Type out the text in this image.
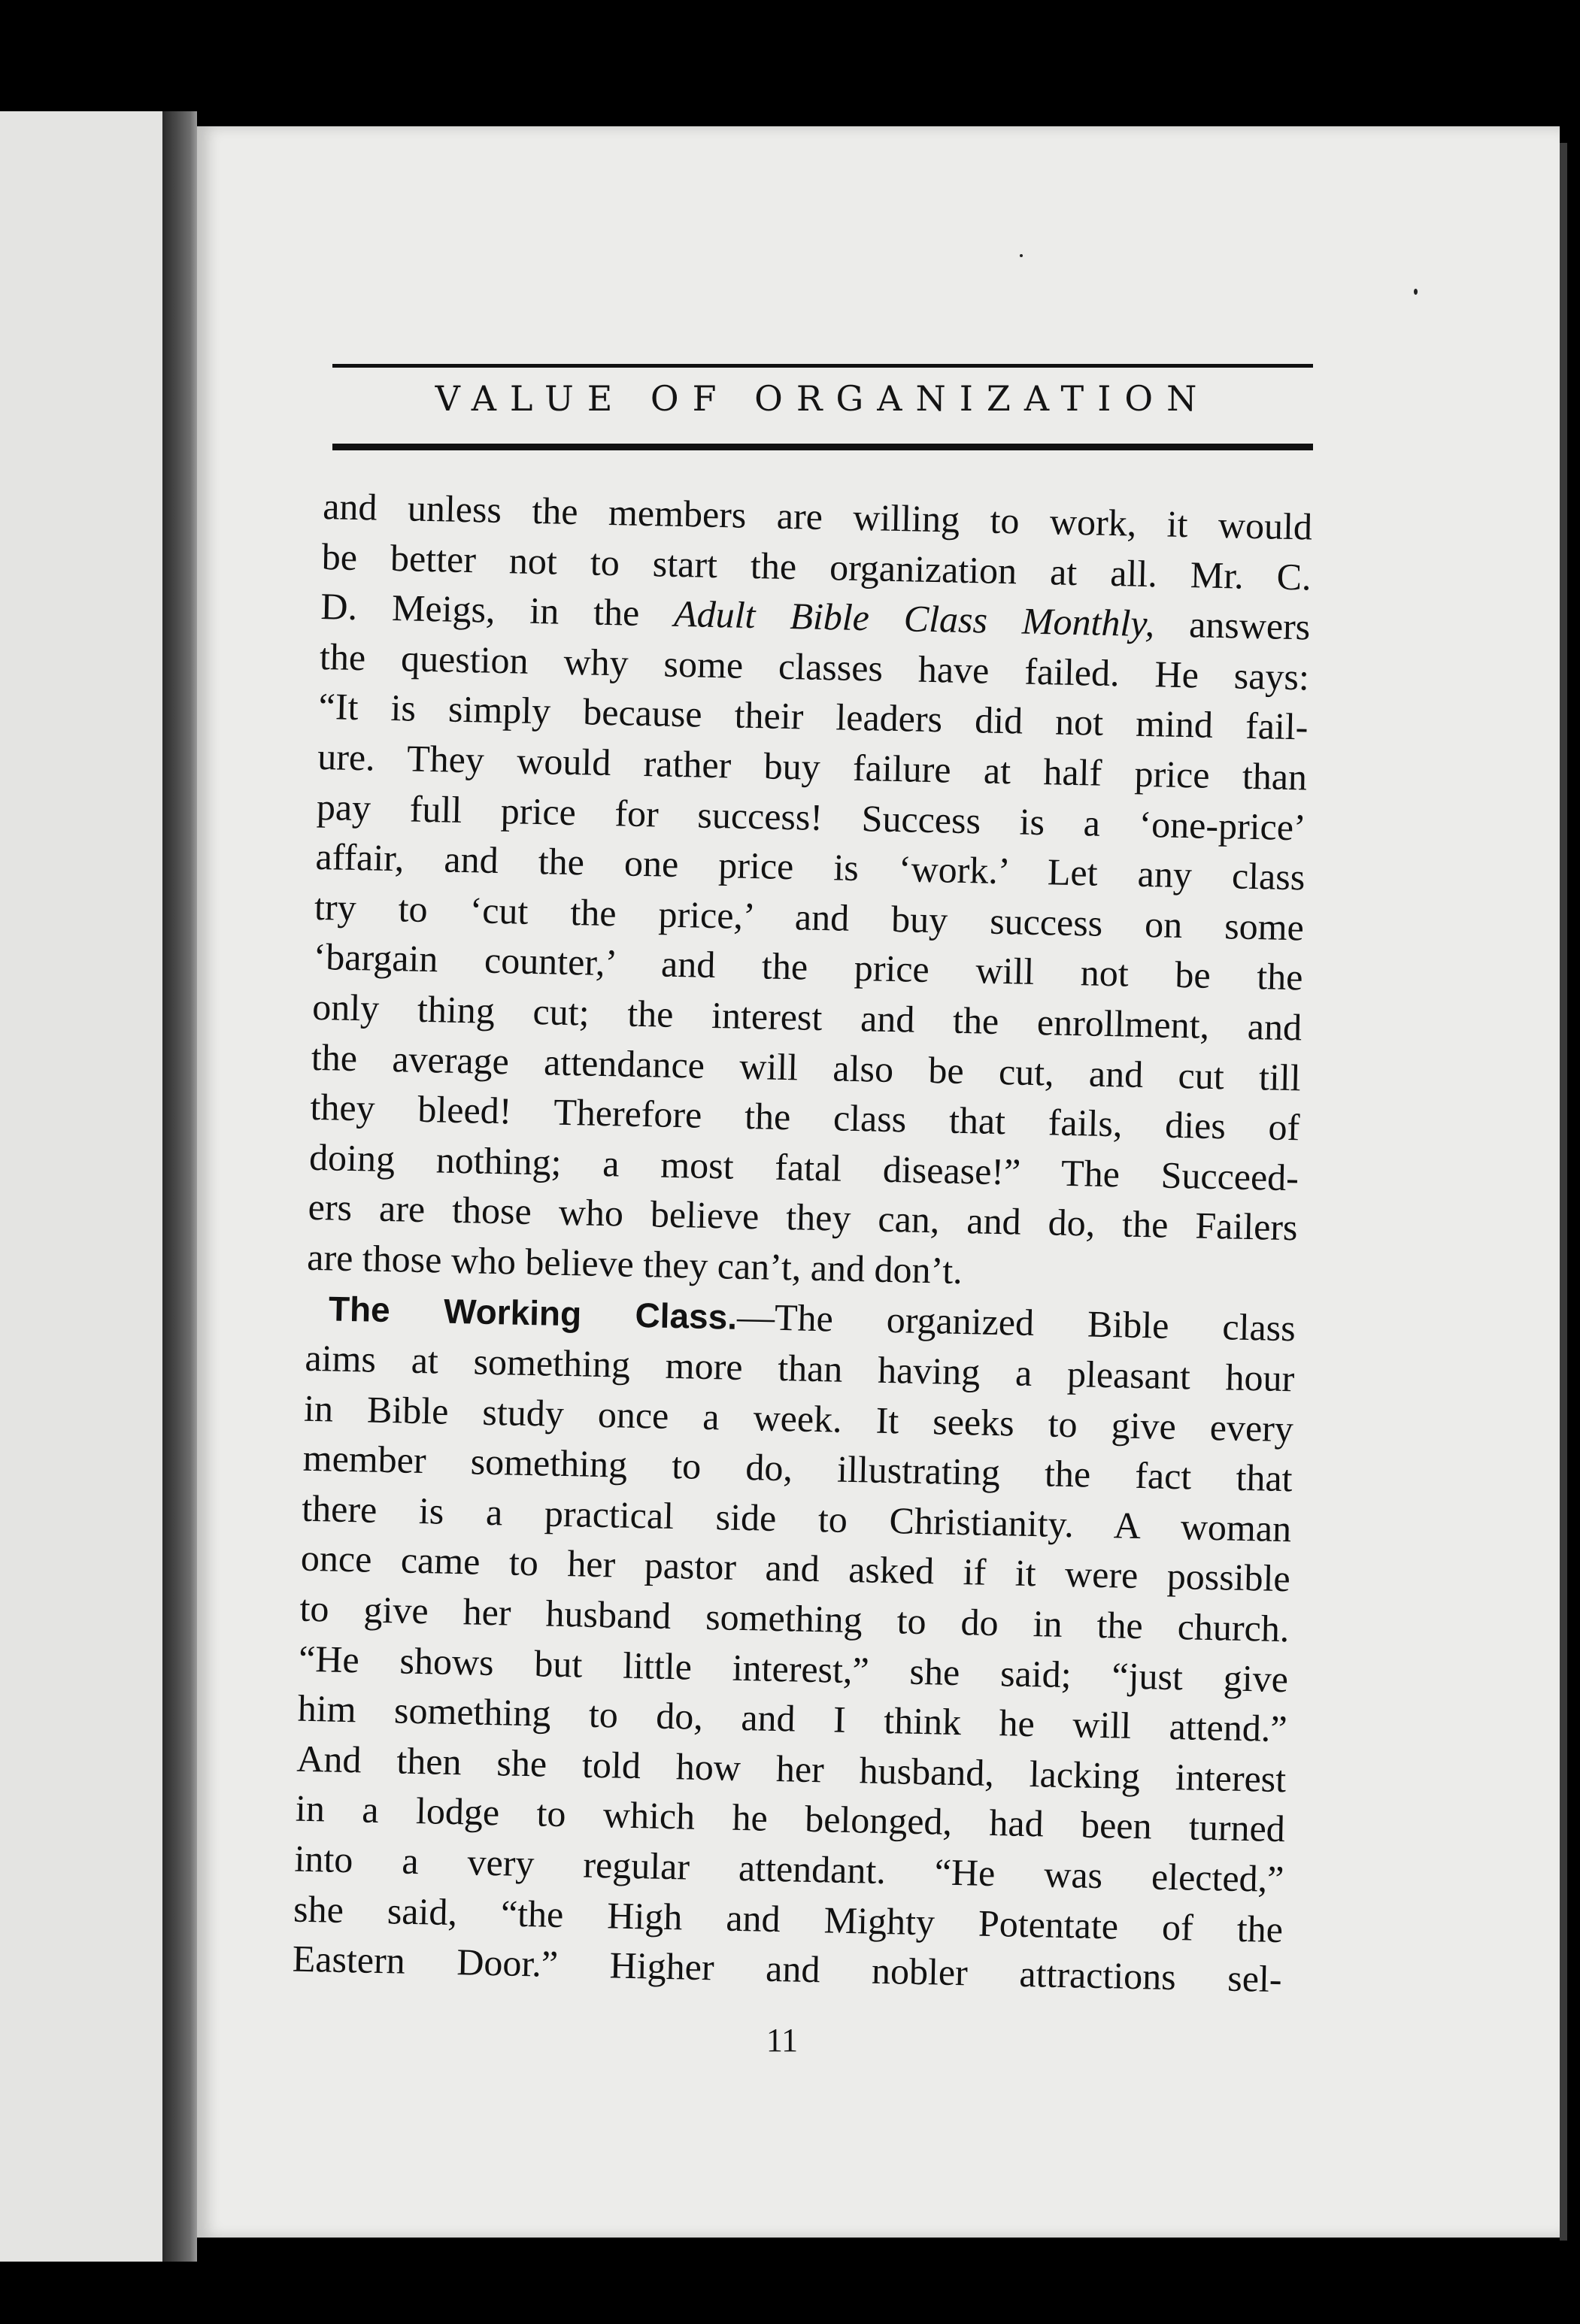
VALUE OF ORGANIZATION

and unless the members are willing to work, it would
be better not to start the organization at all. Mr. C.
D. Meigs, in the Adult Bible Class Monthly, answers
the question why some classes have failed. He says:
“It is simply because their leaders did not mind fail-
ure. They would rather buy failure at half price than
pay full price for success! Success is a ‘one-price’
affair, and the one price is ‘work.’ Let any class
try to ‘cut the price,’ and buy success on some
‘bargain counter,’ and the price will not be the
only thing cut; the interest and the enrollment, and
the average attendance will also be cut, and cut till
they bleed! Therefore the class that fails, dies of
doing nothing; a most fatal disease!” The Succeed-
ers are those who believe they can, and do, the Failers
are those who believe they can’t, and don’t.

The Working Class.—The organized Bible class
aims at something more than having a pleasant hour
in Bible study once a week. It seeks to give every
member something to do, illustrating the fact that
there is a practical side to Christianity. A woman
once came to her pastor and asked if it were possible
to give her husband something to do in the church.
“He shows but little interest,” she said; “just give
him something to do, and I think he will attend.”
And then she told how her husband, lacking interest
in a lodge to which he belonged, had been turned
into a very regular attendant. “He was elected,”
she said, “the High and Mighty Potentate of the
Eastern Door.” Higher and nobler attractions sel-

11
